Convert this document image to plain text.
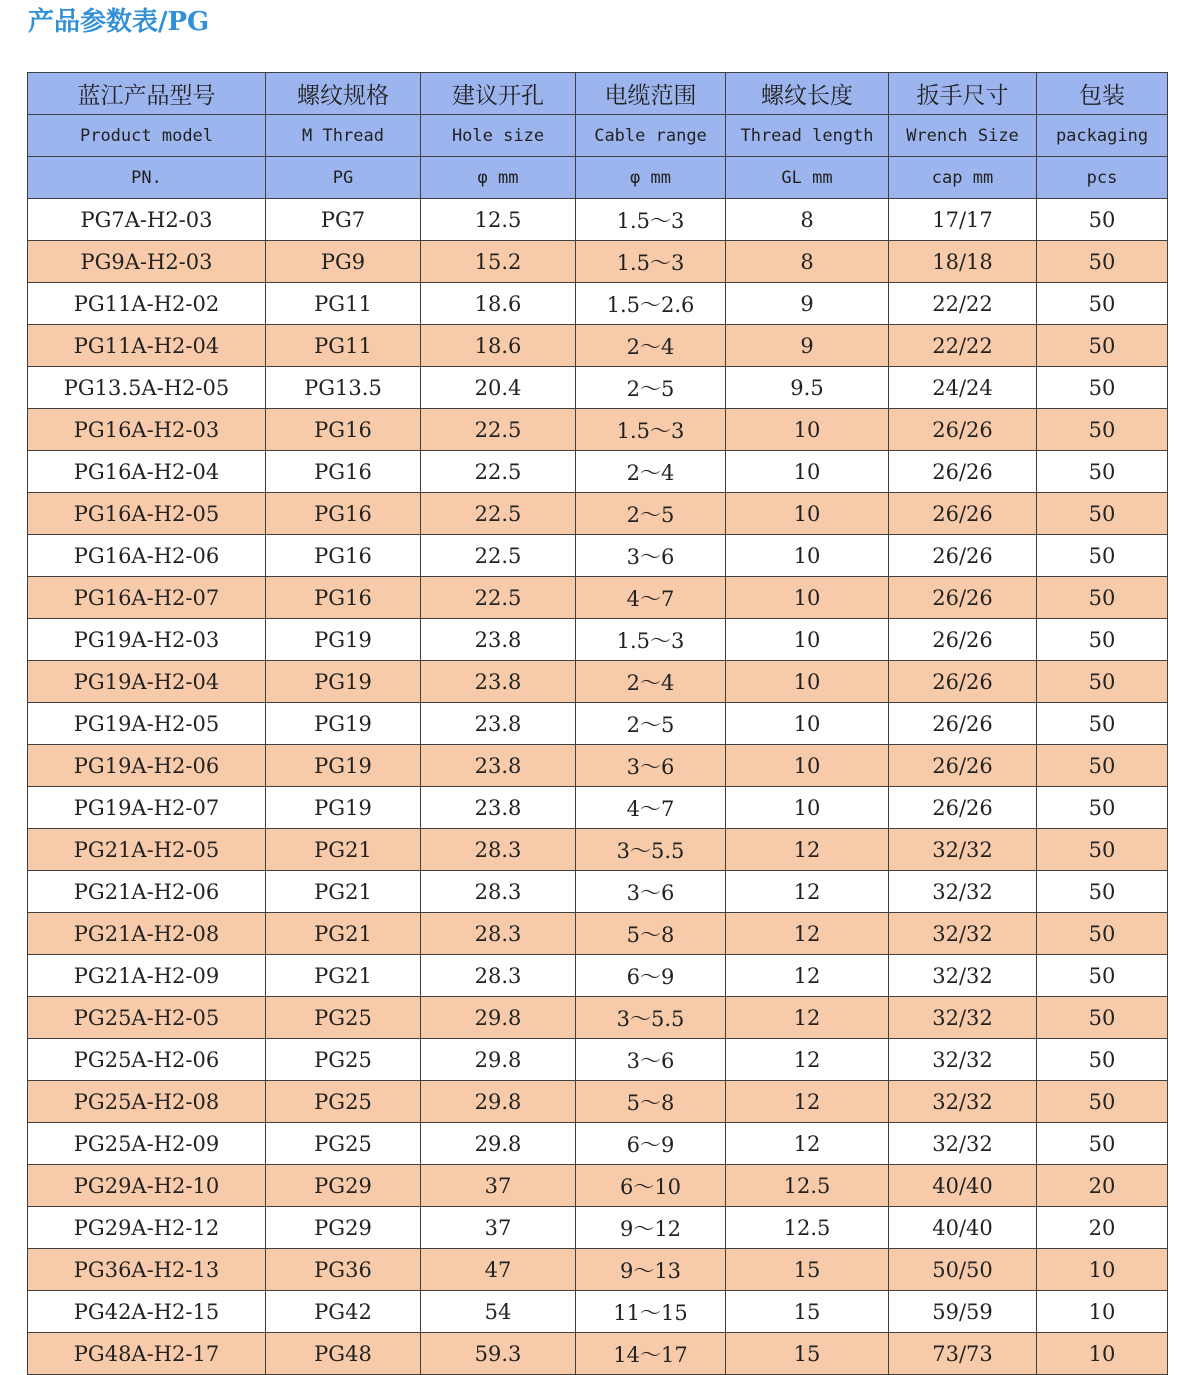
产品参数表/PG
蓝江产品型号	螺纹规格	建议开孔	电缆范围	螺纹长度	扳手尺寸	包装
Product model	M Thread	Hole size	Cable range	Thread length	Wrench Size	packaging
PN.	PG	φ mm	φ mm	GL mm	cap mm	pcs
PG7A-H2-03	PG7	12.5	1.5～3	8	17/17	50
PG9A-H2-03	PG9	15.2	1.5～3	8	18/18	50
PG11A-H2-02	PG11	18.6	1.5～2.6	9	22/22	50
PG11A-H2-04	PG11	18.6	2～4	9	22/22	50
PG13.5A-H2-05	PG13.5	20.4	2～5	9.5	24/24	50
PG16A-H2-03	PG16	22.5	1.5～3	10	26/26	50
PG16A-H2-04	PG16	22.5	2～4	10	26/26	50
PG16A-H2-05	PG16	22.5	2～5	10	26/26	50
PG16A-H2-06	PG16	22.5	3～6	10	26/26	50
PG16A-H2-07	PG16	22.5	4～7	10	26/26	50
PG19A-H2-03	PG19	23.8	1.5～3	10	26/26	50
PG19A-H2-04	PG19	23.8	2～4	10	26/26	50
PG19A-H2-05	PG19	23.8	2～5	10	26/26	50
PG19A-H2-06	PG19	23.8	3～6	10	26/26	50
PG19A-H2-07	PG19	23.8	4～7	10	26/26	50
PG21A-H2-05	PG21	28.3	3～5.5	12	32/32	50
PG21A-H2-06	PG21	28.3	3～6	12	32/32	50
PG21A-H2-08	PG21	28.3	5～8	12	32/32	50
PG21A-H2-09	PG21	28.3	6～9	12	32/32	50
PG25A-H2-05	PG25	29.8	3～5.5	12	32/32	50
PG25A-H2-06	PG25	29.8	3～6	12	32/32	50
PG25A-H2-08	PG25	29.8	5～8	12	32/32	50
PG25A-H2-09	PG25	29.8	6～9	12	32/32	50
PG29A-H2-10	PG29	37	6～10	12.5	40/40	20
PG29A-H2-12	PG29	37	9～12	12.5	40/40	20
PG36A-H2-13	PG36	47	9～13	15	50/50	10
PG42A-H2-15	PG42	54	11～15	15	59/59	10
PG48A-H2-17	PG48	59.3	14～17	15	73/73	10
